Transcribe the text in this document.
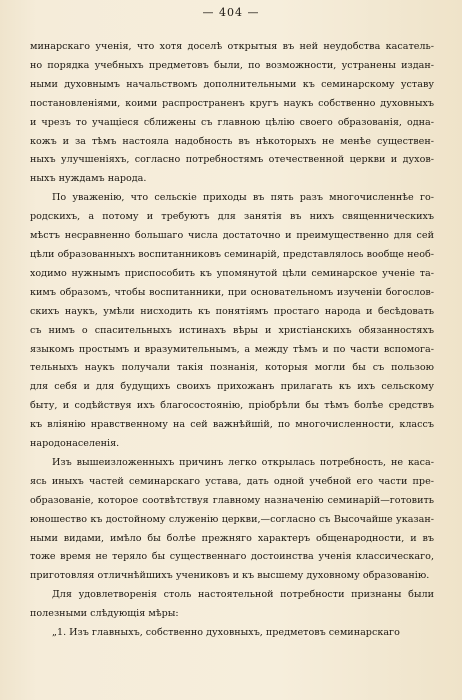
— 404 —
минарскаго ученія, что хотя доселѣ открытыя въ ней неудобства касатель-
но порядка учебныхъ предметовъ были, по возможности, устранены издан-
ными духовнымъ начальствомъ дополнительными къ семинарскому уставу
постановленіями, коими распространенъ кругъ наукъ собственно духовныхъ
и чрезъ то учащіеся сближены съ главною цѣлію своего образованія, одна-
кожъ и за тѣмъ настояла надобность въ нѣкоторыхъ не менѣе существен-
ныхъ улучшеніяхъ, согласно потребностямъ отечественной церкви и духов-
ныхъ нуждамъ народа.
По уваженію, что сельскіе приходы въ пять разъ многочисленнѣе го-
родскихъ, а потому и требуютъ для занятія въ нихъ священническихъ
мѣстъ несравненно большаго числа достаточно и преимущественно для сей
цѣли образованныхъ воспитанниковъ семинарій, представлялось вообще необ-
ходимо нужнымъ приспособить къ упомянутой цѣли семинарское ученіе та-
кимъ образомъ, чтобы воспитанники, при основательномъ изученіи богослов-
скихъ наукъ, умѣли нисходить къ понятіямъ простаго народа и бесѣдовать
съ нимъ о спасительныхъ истинахъ вѣры и христіанскихъ обязанностяхъ
языкомъ простымъ и вразумительнымъ, а между тѣмъ и по части вспомога-
тельныхъ наукъ получали такія познанія, которыя могли бы съ пользою
для себя и для будущихъ своихъ прихожанъ прилагать къ ихъ сельскому
быту, и содѣйствуя ихъ благосостоянію, пріобрѣли бы тѣмъ болѣе средствъ
къ вліянію нравственному на сей важнѣйшій, по многочисленности, классъ
народонаселенія.
Изъ вышеизложенныхъ причинъ легко открылась потребность, не каса-
ясь иныхъ частей семинарскаго устава, дать одной учебной его части пре-
образованіе, которое соотвѣтствуя главному назначенію семинарій—готовить
юношество къ достойному служенію церкви,—согласно съ Высочайше указан-
ными видами, имѣло бы болѣе прежняго характеръ общенародности, и въ
тоже время не теряло бы существеннаго достоинства ученія классическаго,
приготовляя отличнѣйшихъ учениковъ и къ высшему духовному образованію.
Для удовлетворенія столь настоятельной потребности признаны были
полезными слѣдующія мѣры:
„1. Изъ главныхъ, собственно духовныхъ, предметовъ семинарскаго
